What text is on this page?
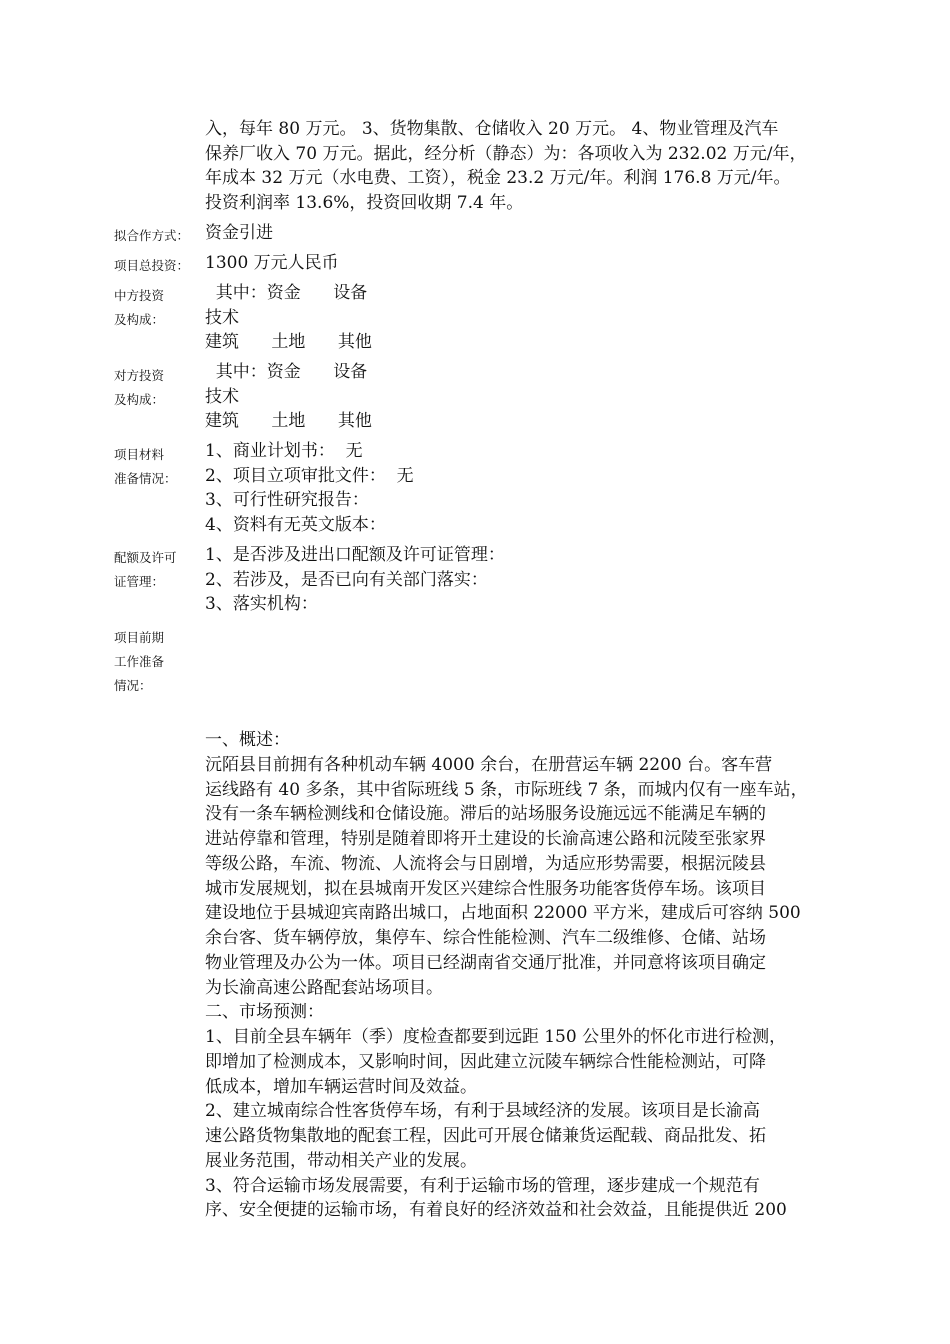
入，每年 80 万元。 3、货物集散、仓储收入 20 万元。 4、物业管理及汽车
保养厂收入 70 万元。据此，经分析（静态）为：各项收入为 232.02 万元/年，
年成本 32 万元（水电费、工资），税金 23.2 万元/年。利润 176.8 万元/年。
投资利润率 13.6%，投资回收期 7.4 年。
拟合作方式： 资金引进
项目总投资： 1300 万元人民币
中方投资
及构成：
其中：资金      设备
技术
建筑      土地      其他
对方投资
及构成：
其中：资金      设备
技术
建筑      土地      其他
项目材料
准备情况：
1、商业计划书：  无
2、项目立项审批文件：  无
3、可行性研究报告：
4、资料有无英文版本：
配额及许可
证管理：
1、是否涉及进出口配额及许可证管理：
2、若涉及，是否已向有关部门落实：
3、落实机构：
项目前期
工作准备
情况：
一、概述：
沅陌县目前拥有各种机动车辆 4000 余台，在册营运车辆 2200 台。客车营
运线路有 40 多条，其中省际班线 5 条，市际班线 7 条，而城内仅有一座车站，
没有一条车辆检测线和仓储设施。滞后的站场服务设施远远不能满足车辆的
进站停靠和管理，特别是随着即将开土建设的长渝高速公路和沅陵至张家界
等级公路，车流、物流、人流将会与日剧增，为适应形势需要，根据沅陵县
城市发展规划，拟在县城南开发区兴建综合性服务功能客货停车场。该项目
建设地位于县城迎宾南路出城口，占地面积 22000 平方米，建成后可容纳 500
余台客、货车辆停放，集停车、综合性能检测、汽车二级维修、仓储、站场
物业管理及办公为一体。项目已经湖南省交通厅批准，并同意将该项目确定
为长渝高速公路配套站场项目。
二、市场预测：
1、目前全县车辆年（季）度检查都要到远距 150 公里外的怀化市进行检测，
即增加了检测成本，又影响时间，因此建立沅陵车辆综合性能检测站，可降
低成本，增加车辆运营时间及效益。
2、建立城南综合性客货停车场，有利于县域经济的发展。该项目是长渝高
速公路货物集散地的配套工程，因此可开展仓储兼货运配载、商品批发、拓
展业务范围，带动相关产业的发展。
3、符合运输市场发展需要，有利于运输市场的管理，逐步建成一个规范有
序、安全便捷的运输市场，有着良好的经济效益和社会效益，且能提供近 200
